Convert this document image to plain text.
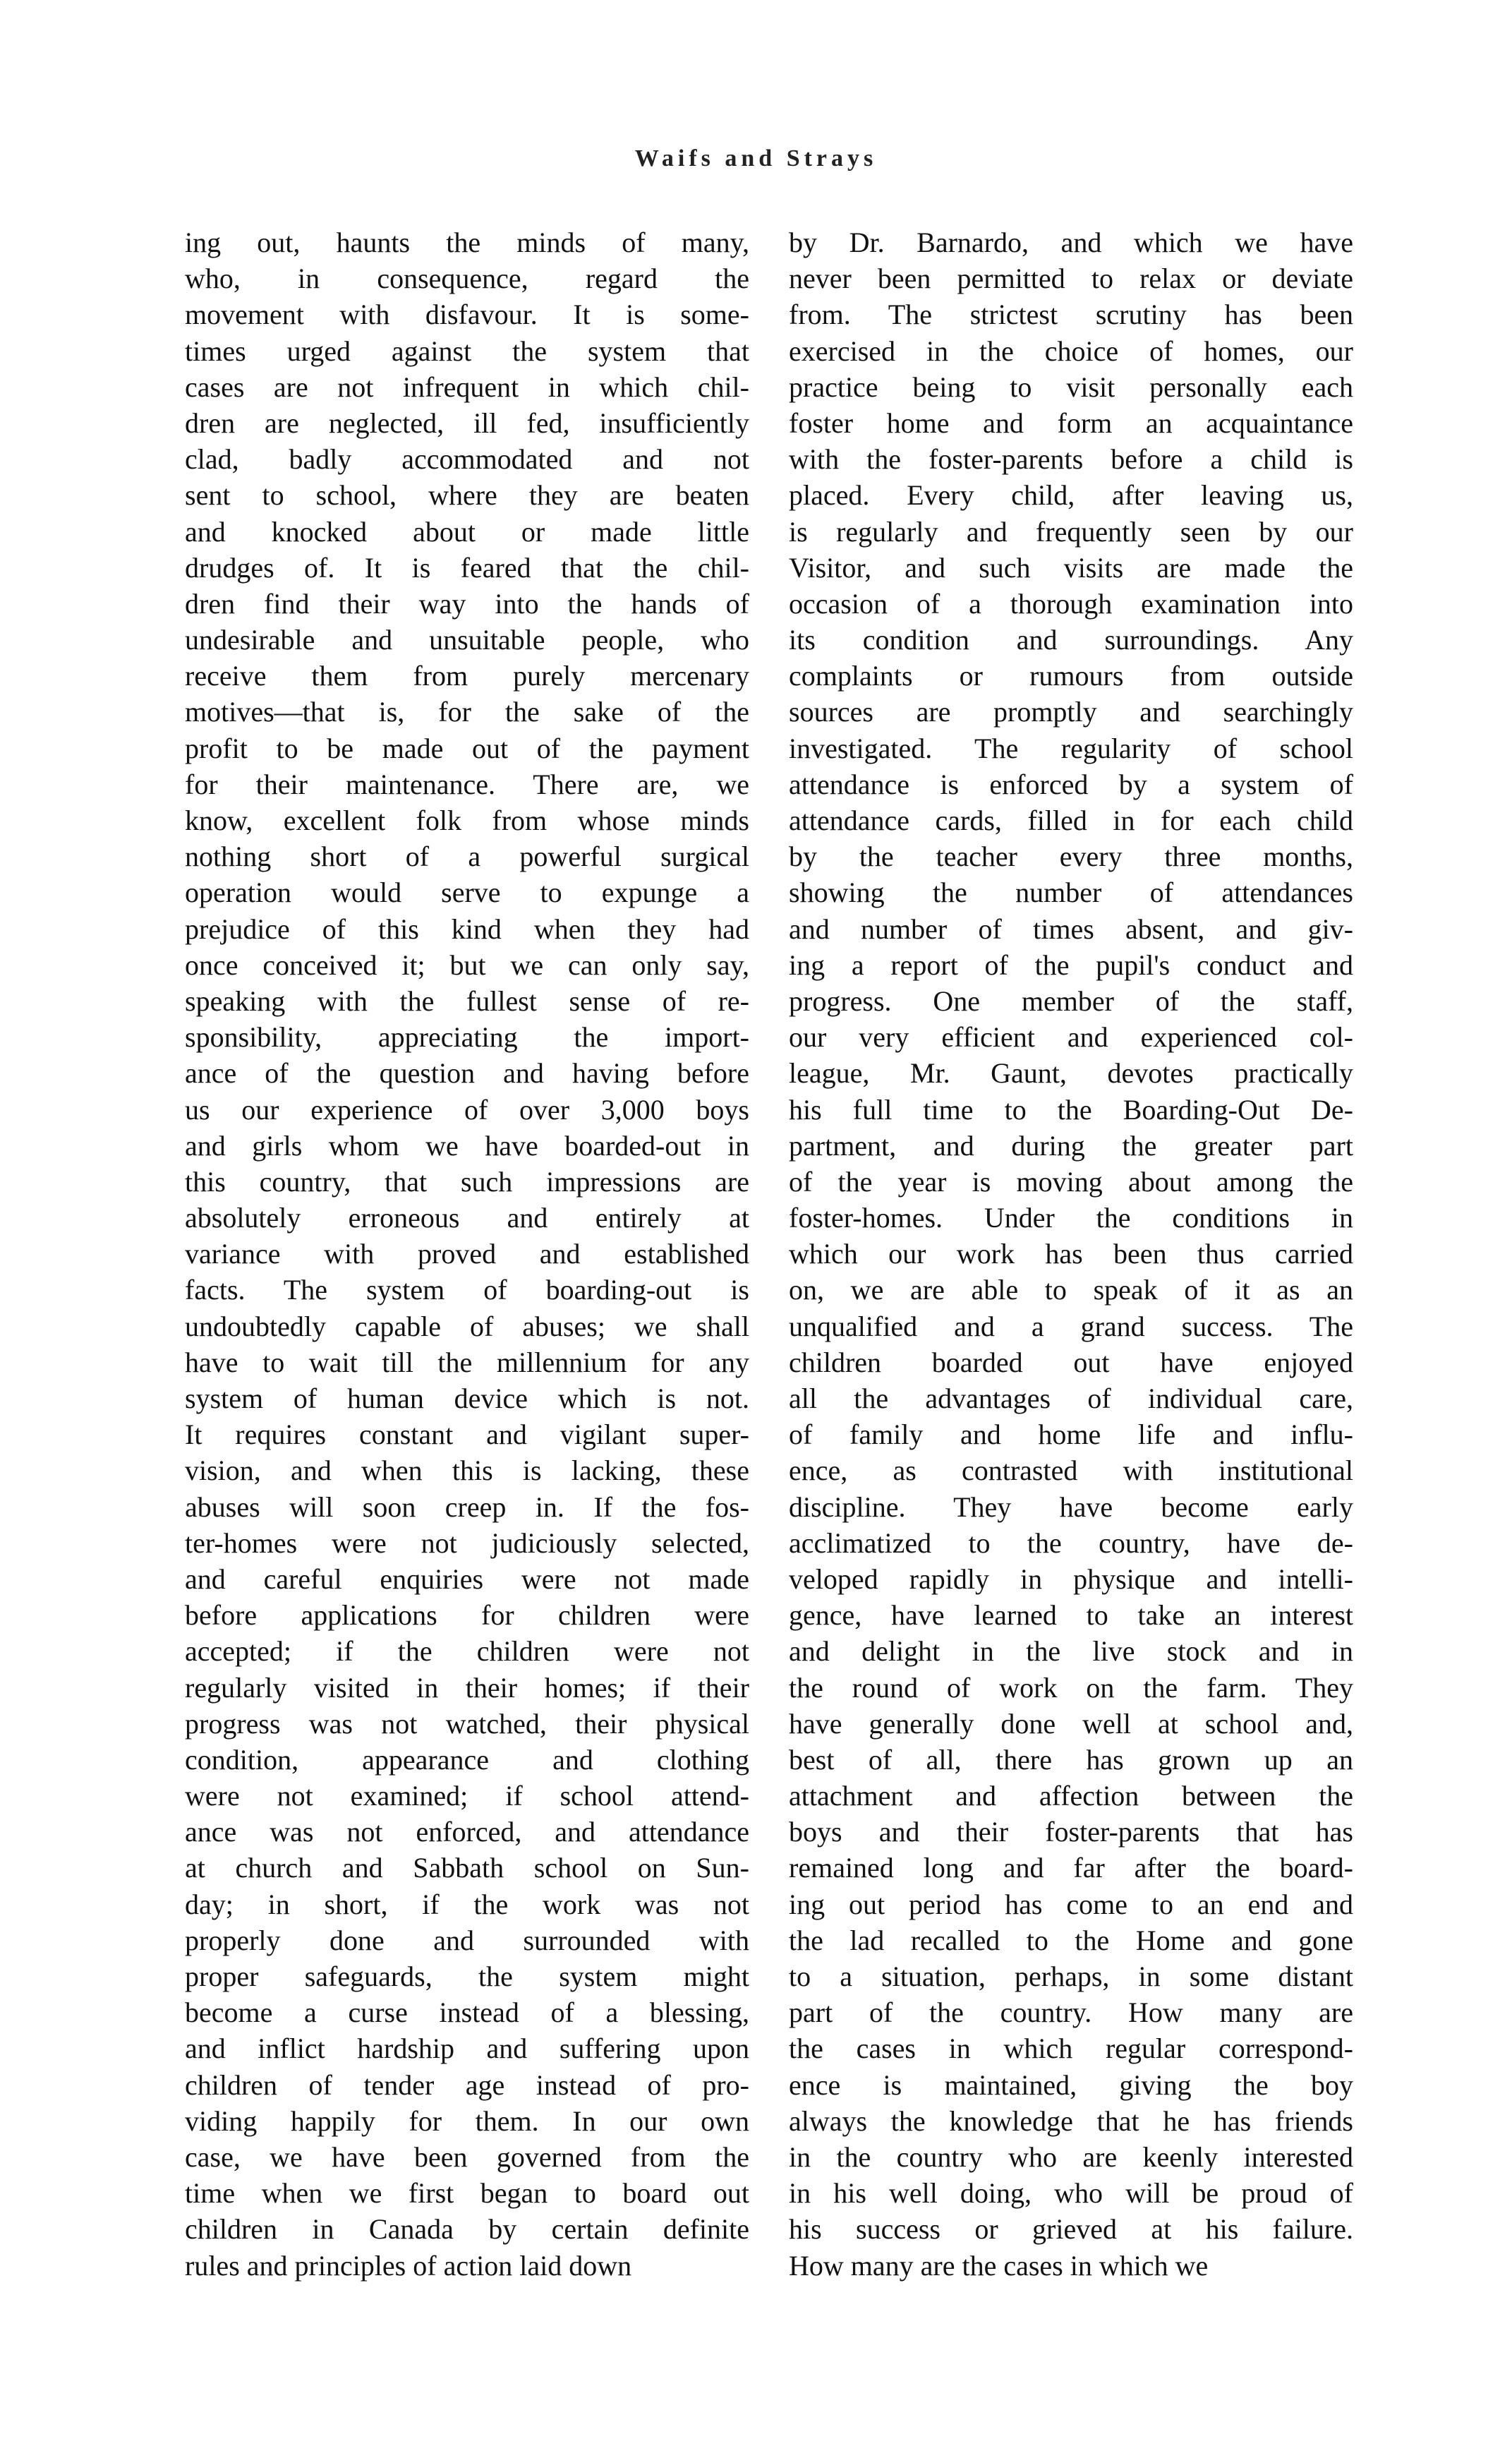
Waifs and Strays
ing out, haunts the minds of many,
who, in consequence, regard the
movement with disfavour. It is some-
times urged against the system that
cases are not infrequent in which chil-
dren are neglected, ill fed, insufficiently
clad, badly accommodated and not
sent to school, where they are beaten
and knocked about or made little
drudges of. It is feared that the chil-
dren find their way into the hands of
undesirable and unsuitable people, who
receive them from purely mercenary
motives—that is, for the sake of the
profit to be made out of the payment
for their maintenance. There are, we
know, excellent folk from whose minds
nothing short of a powerful surgical
operation would serve to expunge a
prejudice of this kind when they had
once conceived it; but we can only say,
speaking with the fullest sense of re-
sponsibility, appreciating the import-
ance of the question and having before
us our experience of over 3,000 boys
and girls whom we have boarded-out in
this country, that such impressions are
absolutely erroneous and entirely at
variance with proved and established
facts. The system of boarding-out is
undoubtedly capable of abuses; we shall
have to wait till the millennium for any
system of human device which is not.
It requires constant and vigilant super-
vision, and when this is lacking, these
abuses will soon creep in. If the fos-
ter-homes were not judiciously selected,
and careful enquiries were not made
before applications for children were
accepted; if the children were not
regularly visited in their homes; if their
progress was not watched, their physical
condition, appearance and clothing
were not examined; if school attend-
ance was not enforced, and attendance
at church and Sabbath school on Sun-
day; in short, if the work was not
properly done and surrounded with
proper safeguards, the system might
become a curse instead of a blessing,
and inflict hardship and suffering upon
children of tender age instead of pro-
viding happily for them. In our own
case, we have been governed from the
time when we first began to board out
children in Canada by certain definite
rules and principles of action laid down
by Dr. Barnardo, and which we have
never been permitted to relax or deviate
from. The strictest scrutiny has been
exercised in the choice of homes, our
practice being to visit personally each
foster home and form an acquaintance
with the foster-parents before a child is
placed. Every child, after leaving us,
is regularly and frequently seen by our
Visitor, and such visits are made the
occasion of a thorough examination into
its condition and surroundings. Any
complaints or rumours from outside
sources are promptly and searchingly
investigated. The regularity of school
attendance is enforced by a system of
attendance cards, filled in for each child
by the teacher every three months,
showing the number of attendances
and number of times absent, and giv-
ing a report of the pupil's conduct and
progress. One member of the staff,
our very efficient and experienced col-
league, Mr. Gaunt, devotes practically
his full time to the Boarding-Out De-
partment, and during the greater part
of the year is moving about among the
foster-homes. Under the conditions in
which our work has been thus carried
on, we are able to speak of it as an
unqualified and a grand success. The
children boarded out have enjoyed
all the advantages of individual care,
of family and home life and influ-
ence, as contrasted with institutional
discipline. They have become early
acclimatized to the country, have de-
veloped rapidly in physique and intelli-
gence, have learned to take an interest
and delight in the live stock and in
the round of work on the farm. They
have generally done well at school and,
best of all, there has grown up an
attachment and affection between the
boys and their foster-parents that has
remained long and far after the board-
ing out period has come to an end and
the lad recalled to the Home and gone
to a situation, perhaps, in some distant
part of the country. How many are
the cases in which regular correspond-
ence is maintained, giving the boy
always the knowledge that he has friends
in the country who are keenly interested
in his well doing, who will be proud of
his success or grieved at his failure.
How many are the cases in which we
